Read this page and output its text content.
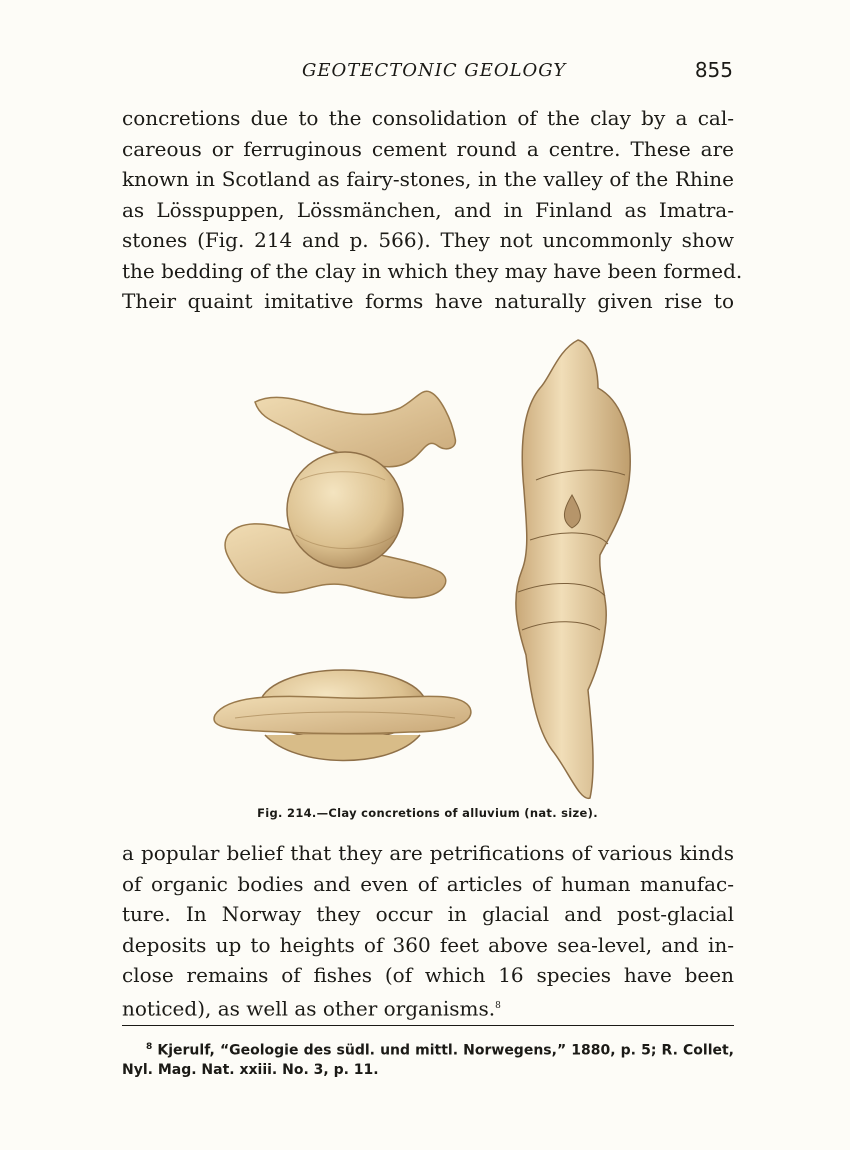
GEOTECTONIC GEOLOGY	855
concretions due to the consolidation of the clay by a cal-
careous or ferruginous cement round a centre. These are
known in Scotland as fairy-stones, in the valley of the Rhine
as Lösspuppen, Lössmänchen, and in Finland as Imatra-
stones (Fig. 214 and p. 566). They not uncommonly show
the bedding of the clay in which they may have been formed.
Their quaint imitative forms have naturally given rise to
Fig. 214.—Clay concretions of alluvium (nat. size).
a popular belief that they are petrifications of various kinds
of organic bodies and even of articles of human manufac-
ture. In Norway they occur in glacial and post-glacial
deposits up to heights of 360 feet above sea-level, and in-
close remains of fishes (of which 16 species have been
noticed), as well as other organisms.$^8$
$^8$ Kjerulf, “Geologie des südl. und mittl. Norwegens,” 1880, p. 5; R. Collet,
Nyl. Mag. Nat. xxiii. No. 3, p. 11.
